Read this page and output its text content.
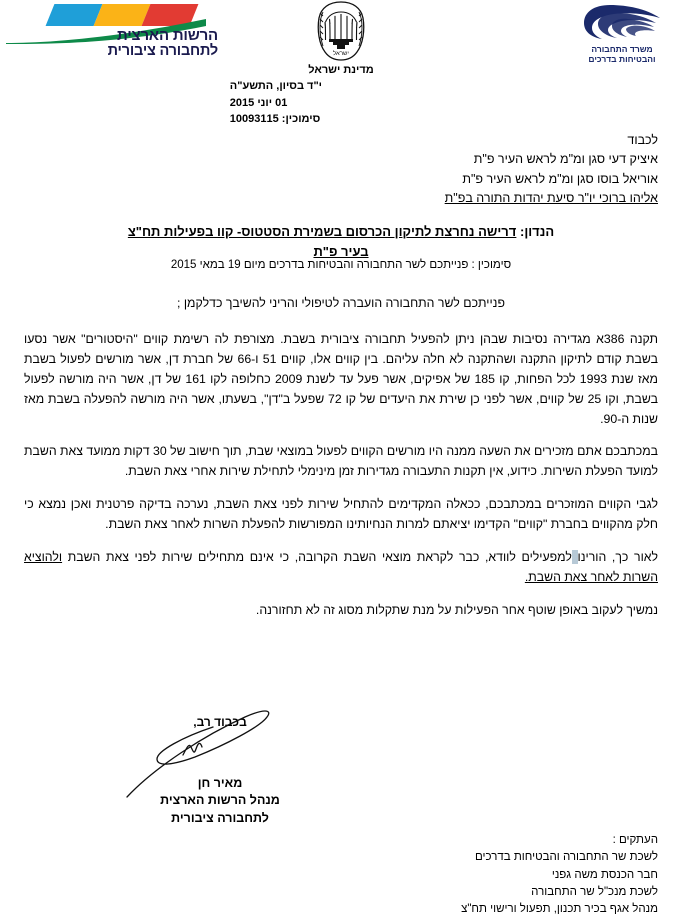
הרשות הארצית
לתחבורה ציבורית	ישראל
מדינת ישראל
משרד התחבורה
והבטיחות בדרכים
י"ד בסיון, התשע"ה
01 יוני 2015
סימוכין: 10093115
לכבוד
איציק דעי סגן ומ"מ לראש העיר פ"ת
אוריאל בוסו סגן ומ"מ לראש העיר פ"ת
אליהו ברוכי יו"ר סיעת יהדות התורה בפ"ת
הנדון: דרישה נחרצת לתיקון הכרסום בשמירת הסטטוס- קוו בפעילות תח"צ
בעיר פ"ת
סימוכין : פנייתכם לשר התחבורה והבטיחות בדרכים מיום 19 במאי 2015

פנייתכם לשר התחבורה הועברה לטיפולי והריני להשיבך כדלקמן ;

תקנה 386א מגדירה נסיבות שבהן ניתן להפעיל תחבורה ציבורית בשבת. מצורפת לה רשימת קווים "היסטורים" אשר נסעו בשבת קודם לתיקון התקנה ושהתקנה לא חלה עליהם. בין קווים אלו, קווים 51 ו-66 של חברת דן, אשר מורשים לפעול בשבת מאז שנת 1993 לכל הפחות, קו 185 של אפיקים, אשר פעל עד לשנת 2009 כחלופה לקו 161 של דן, אשר היה מורשה לפעול בשבת, וקו 25 של קווים, אשר לפני כן שירת את היעדים של קו 72 שפעל ב"דן", בשעתו, אשר היה מורשה להפעלה בשבת מאז שנות ה-90.

במכתבכם אתם מזכירים את השעה ממנה היו מורשים הקווים לפעול במוצאי שבת, תוך חישוב של 30 דקות ממועד צאת השבת למועד הפעלת השירות. כידוע, אין תקנות התעבורה מגדירות זמן מינימלי לתחילת שירות אחרי צאת השבת.

לגבי הקווים המוזכרים במכתבכם, ככאלה המקדימים להתחיל שירות לפני צאת השבת, נערכה בדיקה פרטנית ואכן נמצא כי חלק מהקווים בחברת "קווים" הקדימו יציאתם למרות הנחיותינו המפורשות להפעלת השרות לאחר צאת השבת.

לאור כך, הורינו למפעילים לוודא, כבר לקראת מוצאי השבת הקרובה, כי אינם מתחילים שירות לפני צאת השבת ולהוציא השרות לאחר צאת השבת.

נמשיך לעקוב באופן שוטף אחר הפעילות על מנת שתקלות מסוג זה לא תחזורנה.

בכבוד רב,
מאיר חן
מנהל הרשות הארצית
לתחבורה ציבורית
העתקים :
לשכת שר התחבורה והבטיחות בדרכים
חבר הכנסת משה גפני
לשכת מנכ"ל שר התחבורה
מנהל אגף בכיר תכנון, תפעול ורישוי תח"צ
